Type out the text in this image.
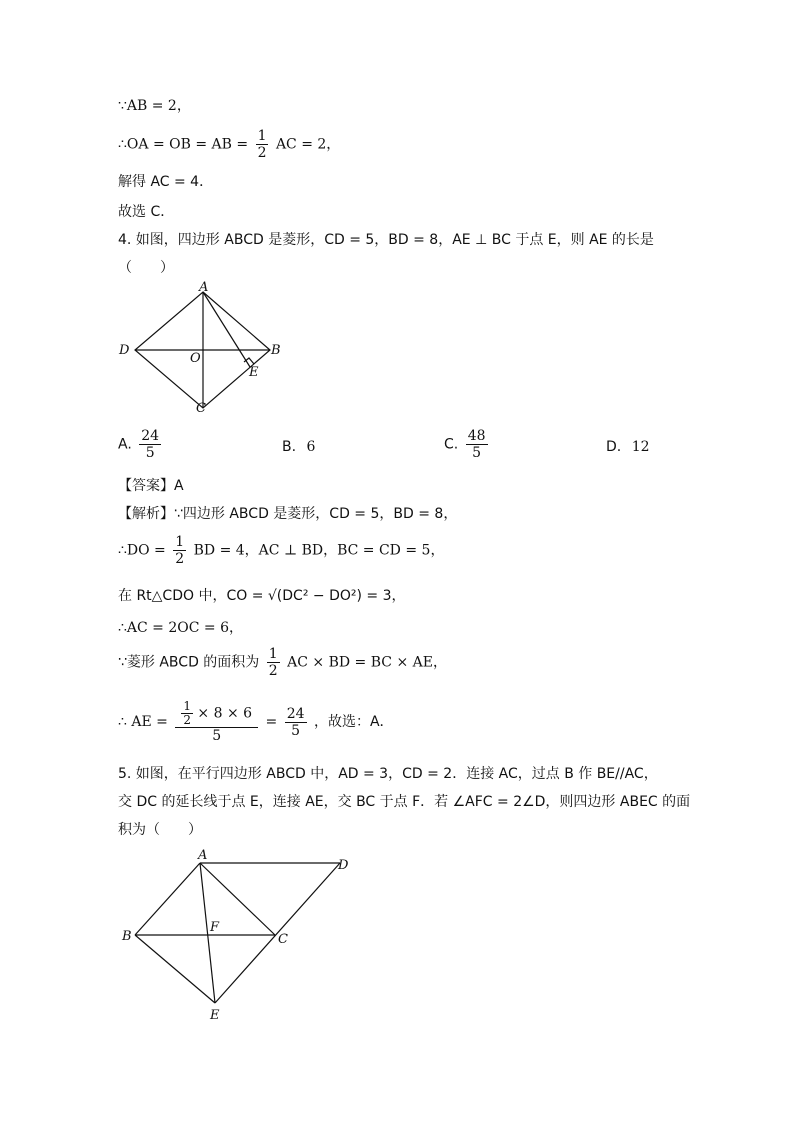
∵AB = 2，
∴OA = OB = AB = $\frac{1}{2}$ AC = 2，
解得 AC = 4．
故选 C．
4. 如图，四边形 ABCD 是菱形，CD = 5，BD = 8，AE ⊥ BC 于点 E，则 AE 的长是
（　　）
A
B
C
D
O
E
A. $\frac{24}{5}$	B. 6	C. $\frac{48}{5}$	D. 12
【答案】A
【解析】∵四边形 ABCD 是菱形，CD = 5，BD = 8，
∴DO = $\frac{1}{2}$ BD = 4，AC ⊥ BD，BC = CD = 5，
在 Rt△CDO 中，CO = √(DC² − DO²) = 3，
∴AC = 2OC = 6，
∵菱形 ABCD 的面积为 $\frac{1}{2}$ AC × BD = BC × AE，
∴ AE = $\frac{\frac{1}{2} \times 8 \times 6}{5} = \frac{24}{5}$ ，故选：A．
5. 如图，在平行四边形 ABCD 中，AD = 3，CD = 2．连接 AC，过点 B 作 BE//AC，
交 DC 的延长线于点 E，连接 AE，交 BC 于点 F．若 ∠AFC = 2∠D，则四边形 ABEC 的面
积为（　　）
A
D
B	C
F
E
